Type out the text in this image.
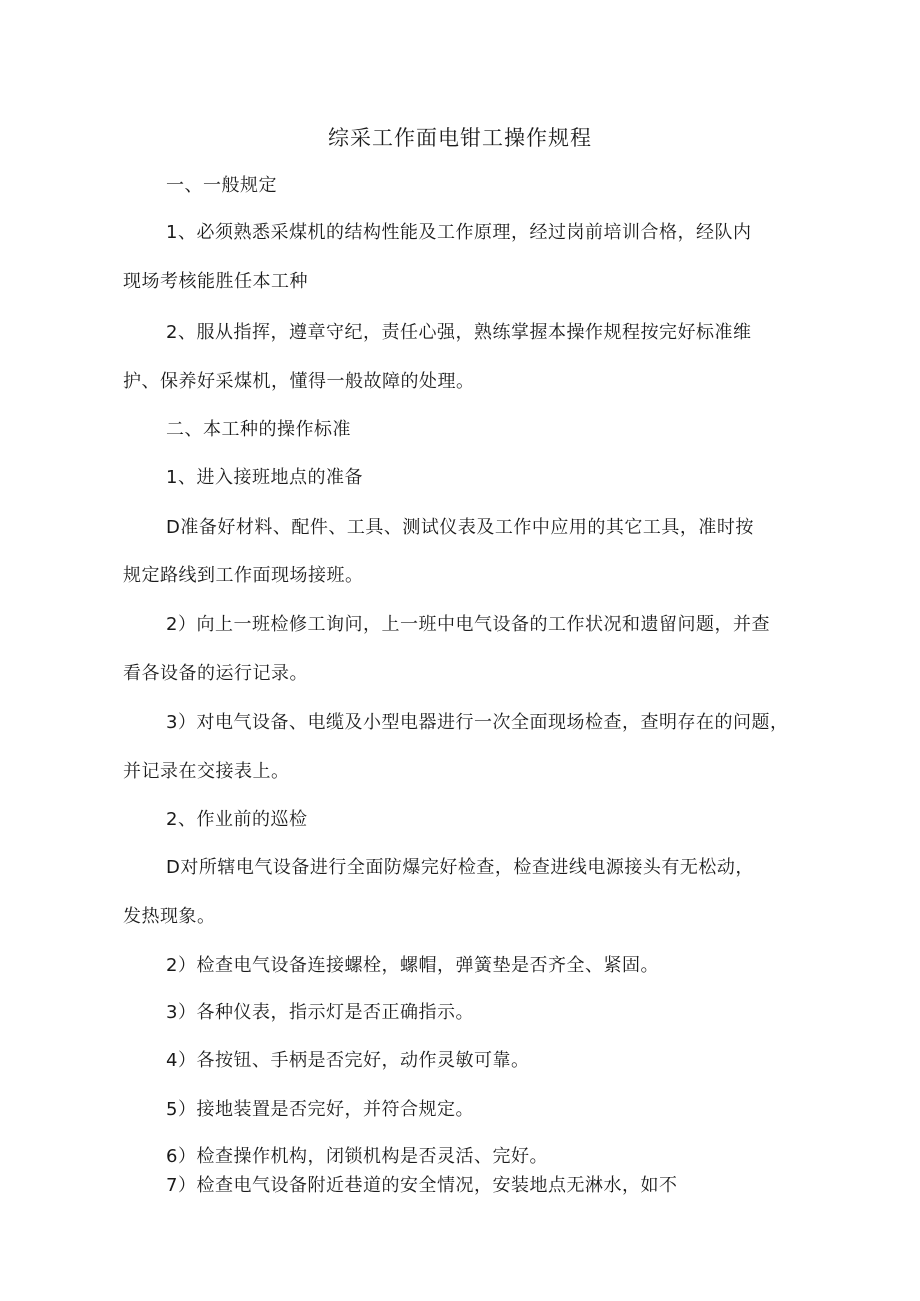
综采工作面电钳工操作规程
一、一般规定
1、必须熟悉采煤机的结构性能及工作原理，经过岗前培训合格，经队内
现场考核能胜任本工种
2、服从指挥，遵章守纪，责任心强，熟练掌握本操作规程按完好标准维
护、保养好采煤机，懂得一般故障的处理。
二、本工种的操作标准
1、进入接班地点的准备
D准备好材料、配件、工具、测试仪表及工作中应用的其它工具，准时按
规定路线到工作面现场接班。
2）向上一班检修工询问，上一班中电气设备的工作状况和遗留问题，并查
看各设备的运行记录。
3）对电气设备、电缆及小型电器进行一次全面现场检查，查明存在的问题，
并记录在交接表上。
2、作业前的巡检
D对所辖电气设备进行全面防爆完好检查，检查进线电源接头有无松动，
发热现象。
2）检查电气设备连接螺栓，螺帽，弹簧垫是否齐全、紧固。
3）各种仪表，指示灯是否正确指示。
4）各按钮、手柄是否完好，动作灵敏可靠。
5）接地装置是否完好，并符合规定。
6）检查操作机构，闭锁机构是否灵活、完好。
7）检查电气设备附近巷道的安全情况，安装地点无淋水，如不
